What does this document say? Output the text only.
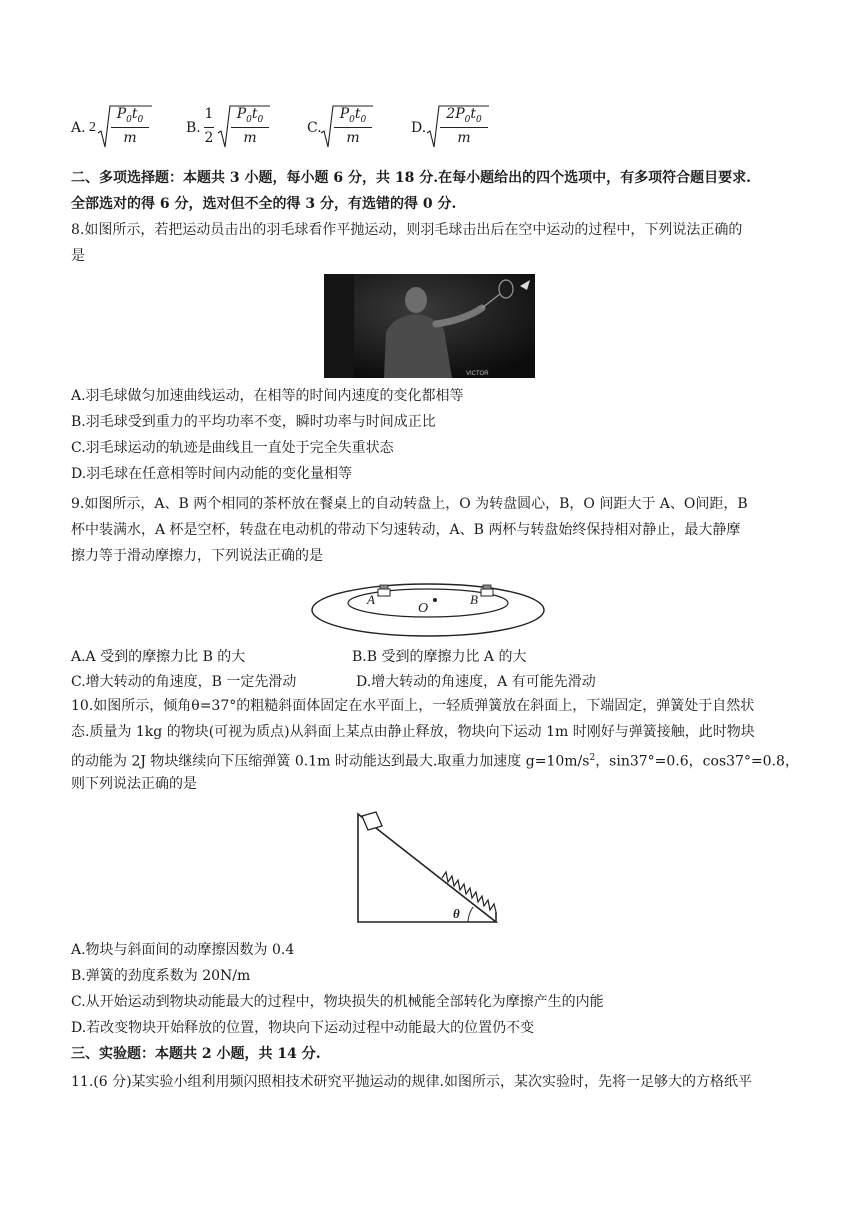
A. 2
$P_0t_0$
m
B.
1
2
$P_0t_0$
m
C.
$P_0t_0$
m
D.
$2P_0t_0$
m
二、多项选择题：本题共 3 小题，每小题 6 分，共 18 分.在每小题给出的四个选项中，有多项符合题目要求.
全部选对的得 6 分，选对但不全的得 3 分，有选错的得 0 分.
8.如图所示，若把运动员击出的羽毛球看作平抛运动，则羽毛球击出后在空中运动的过程中，下列说法正确的
是
VICTOR
A.羽毛球做匀加速曲线运动，在相等的时间内速度的变化都相等
B.羽毛球受到重力的平均功率不变，瞬时功率与时间成正比
C.羽毛球运动的轨迹是曲线且一直处于完全失重状态
D.羽毛球在任意相等时间内动能的变化量相等
9.如图所示，A、B 两个相同的茶杯放在餐桌上的自动转盘上，O 为转盘圆心，B，O 间距大于 A、O间距，B
杯中装满水，A 杯是空杯，转盘在电动机的带动下匀速转动，A、B 两杯与转盘始终保持相对静止，最大静摩
擦力等于滑动摩擦力，下列说法正确的是
A
O
B
A.A 受到的摩擦力比 B 的大	B.B 受到的摩擦力比 A 的大
C.增大转动的角速度，B 一定先滑动	D.增大转动的角速度，A 有可能先滑动
10.如图所示，倾角θ=37°的粗糙斜面体固定在水平面上，一轻质弹簧放在斜面上，下端固定，弹簧处于自然状
态.质量为 1kg 的物块(可视为质点)从斜面上某点由静止释放，物块向下运动 1m 时刚好与弹簧接触，此时物块
的动能为 2J 物块继续向下压缩弹簧 0.1m 时动能达到最大.取重力加速度 $g=10m/s^2$，sin37°=0.6，cos37°=0.8，
则下列说法正确的是
θ
A.物块与斜面间的动摩擦因数为 0.4
B.弹簧的劲度系数为 20N/m
C.从开始运动到物块动能最大的过程中，物块损失的机械能全部转化为摩擦产生的内能
D.若改变物块开始释放的位置，物块向下运动过程中动能最大的位置仍不变
三、实验题：本题共 2 小题，共 14 分.
11.(6 分)某实验小组利用频闪照相技术研究平抛运动的规律.如图所示，某次实验时，先将一足够大的方格纸平
